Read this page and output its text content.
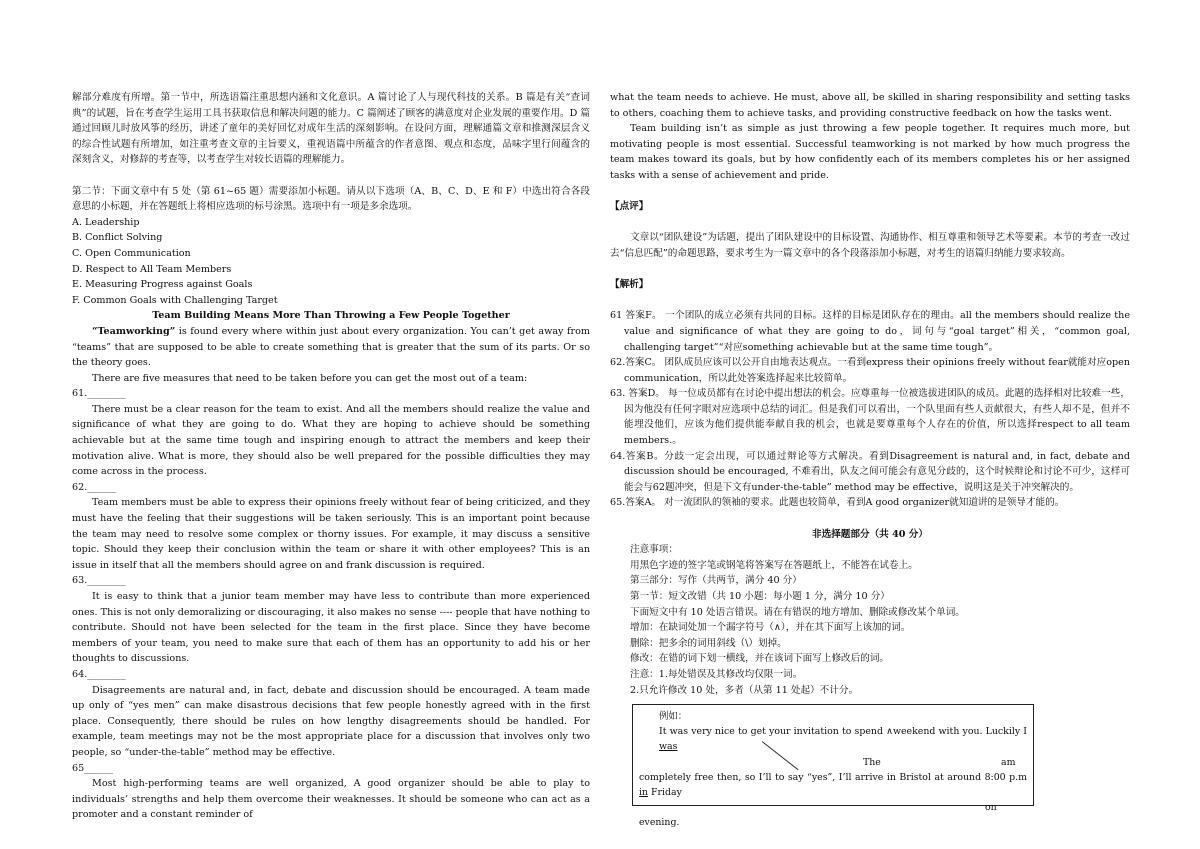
解部分难度有所增。第一节中，所选语篇注重思想内涵和文化意识。A 篇讨论了人与现代科技的关系。B 篇是有关“查词典”的试题，旨在考查学生运用工具书获取信息和解决问题的能力。C 篇阐述了顾客的满意度对企业发展的重要作用。D 篇通过回顾儿时放风筝的经历，讲述了童年的美好回忆对成年生活的深刻影响。在设问方面，理解通篇文章和推测深层含义的综合性试题有所增加，如注重考查文章的主旨要义，重视语篇中所蕴含的作者意图、观点和态度，品味字里行间蕴含的深刻含义，对修辞的考查等，以考查学生对较长语篇的理解能力。

第二节：下面文章中有 5 处（第 61~65 题）需要添加小标题。请从以下选项（A、B、C、D、E 和 F）中选出符合各段意思的小标题，并在答题纸上将相应选项的标号涂黑。选项中有一项是多余选项。

A. Leadership

B. Conflict Solving

C. Open Communication

D. Respect to All Team Members

E. Measuring Progress against Goals

F. Common Goals with Challenging Target

Team Building Means More Than Throwing a Few People Together

“Teamworking” is found every where within just about every organization. You can’t get away from “teams” that are supposed to be able to create something that is greater that the sum of its parts. Or so the theory goes.

There are five measures that need to be taken before you can get the most out of a team:

61.________

There must be a clear reason for the team to exist. And all the members should realize the value and significance of what they are going to do. What they are hoping to achieve should be something achievable but at the same time tough and inspiring enough to attract the members and keep their motivation alive. What is more, they should also be well prepared for the possible difficulties they may come across in the process.

62.______

Team members must be able to express their opinions freely without fear of being criticized, and they must have the feeling that their suggestions will be taken seriously. This is an important point because the team may need to resolve some complex or thorny issues. For example, it may discuss a sensitive topic. Should they keep their conclusion within the team or share it with other employees? This is an issue in itself that all the members should agree on and frank discussion is required.

63.________

It is easy to think that a junior team member may have less to contribute than more experienced ones. This is not only demoralizing or discouraging, it also makes no sense ---- people that have nothing to contribute. Should not have been selected for the team in the first place. Since they have become members of your team, you need to make sure that each of them has an opportunity to add his or her thoughts to discussions.

64.________

Disagreements are natural and, in fact, debate and discussion should be encouraged. A team made up only of “yes men” can make disastrous decisions that few people honestly agreed with in the first place. Consequently, there should be rules on how lengthy disagreements should be handled. For example, team meetings may not be the most appropriate place for a discussion that involves only two people, so “under-the-table” method may be effective.

65______

Most high-performing teams are well organized, A good organizer should be able to play to individuals’ strengths and help them overcome their weaknesses. It should be someone who can act as a promoter and a constant reminder of

what the team needs to achieve. He must, above all, be skilled in sharing responsibility and setting tasks to others, coaching them to achieve tasks, and providing constructive feedback on how the tasks went.

Team building isn’t as simple as just throwing a few people together. It requires much more, but motivating people is most essential. Successful teamworking is not marked by how much progress the team makes toward its goals, but by how confidently each of its members completes his or her assigned tasks with a sense of achievement and pride.

【点评】

文章以“团队建设”为话题，提出了团队建设中的目标设置、沟通协作、相互尊重和领导艺术等要素。本节的考查一改过去“信息匹配”的命题思路，要求考生为一篇文章中的各个段落添加小标题，对考生的语篇归纳能力要求较高。

【解析】

61 答案F。 一个团队的成立必须有共同的目标。这样的目标是团队存在的理由。all the members should realize the value and significance of what they are going to do，词句与“goal target”相关，“common goal, challenging target”“对应something achievable but at the same time tough”。

62.答案C。 团队成员应该可以公开自由地表达观点。一看到express their opinions freely without fear就能对应open communication，所以此处答案选择起来比较简单。

63. 答案D。 每一位成员都有在讨论中提出想法的机会。应尊重每一位被选拔进团队的成员。此题的选择相对比较难一些，因为他没有任何字眼对应选项中总结的词汇。但是我们可以看出，一个队里面有些人贡献很大，有些人却不是，但并不能埋没他们，应该为他们提供能奉献自我的机会，也就是要尊重每个人存在的价值，所以选择respect to all team members.。

64.答案B。分歧一定会出现，可以通过辩论等方式解决。看到Disagreement is natural and, in fact, debate and discussion should be encouraged, 不难看出，队友之间可能会有意见分歧的，这个时候辩论和讨论不可少，这样可能会与62题冲突，但是下文有under-the-table” method may be effective，说明这是关于冲突解决的。

65.答案A。 对一流团队的领袖的要求。此题也较简单，看到A good organizer就知道讲的是领导才能的。

非选择题部分（共 40 分）

注意事项：

用黑色字迹的签字笔或钢笔将答案写在答题纸上，不能答在试卷上。

第三部分：写作（共两节，满分 40 分）

第一节：短文改错（共 10 小题：每小题 1 分，满分 10 分）

下面短文中有 10 处语言错误。请在有错误的地方增加、删除或修改某个单词。

增加：在缺词处加一个漏字符号（∧），并在其下面写上该加的词。

删除：把多余的词用斜线（\）划掉。

修改：在错的词下划一横线，并在该词下面写上修改后的词。

注意：1.每处错误及其修改均仅限一词。

2.只允许修改 10 处，多者（从第 11 处起）不计分。

例如：

It was very nice to get your invitation to spend ∧weekend with you. Luckily I was

The	am

completely free then, so I’ll to say “yes”, I’ll arrive in Bristol at around 8:00 p.m in Friday

on

evening.
